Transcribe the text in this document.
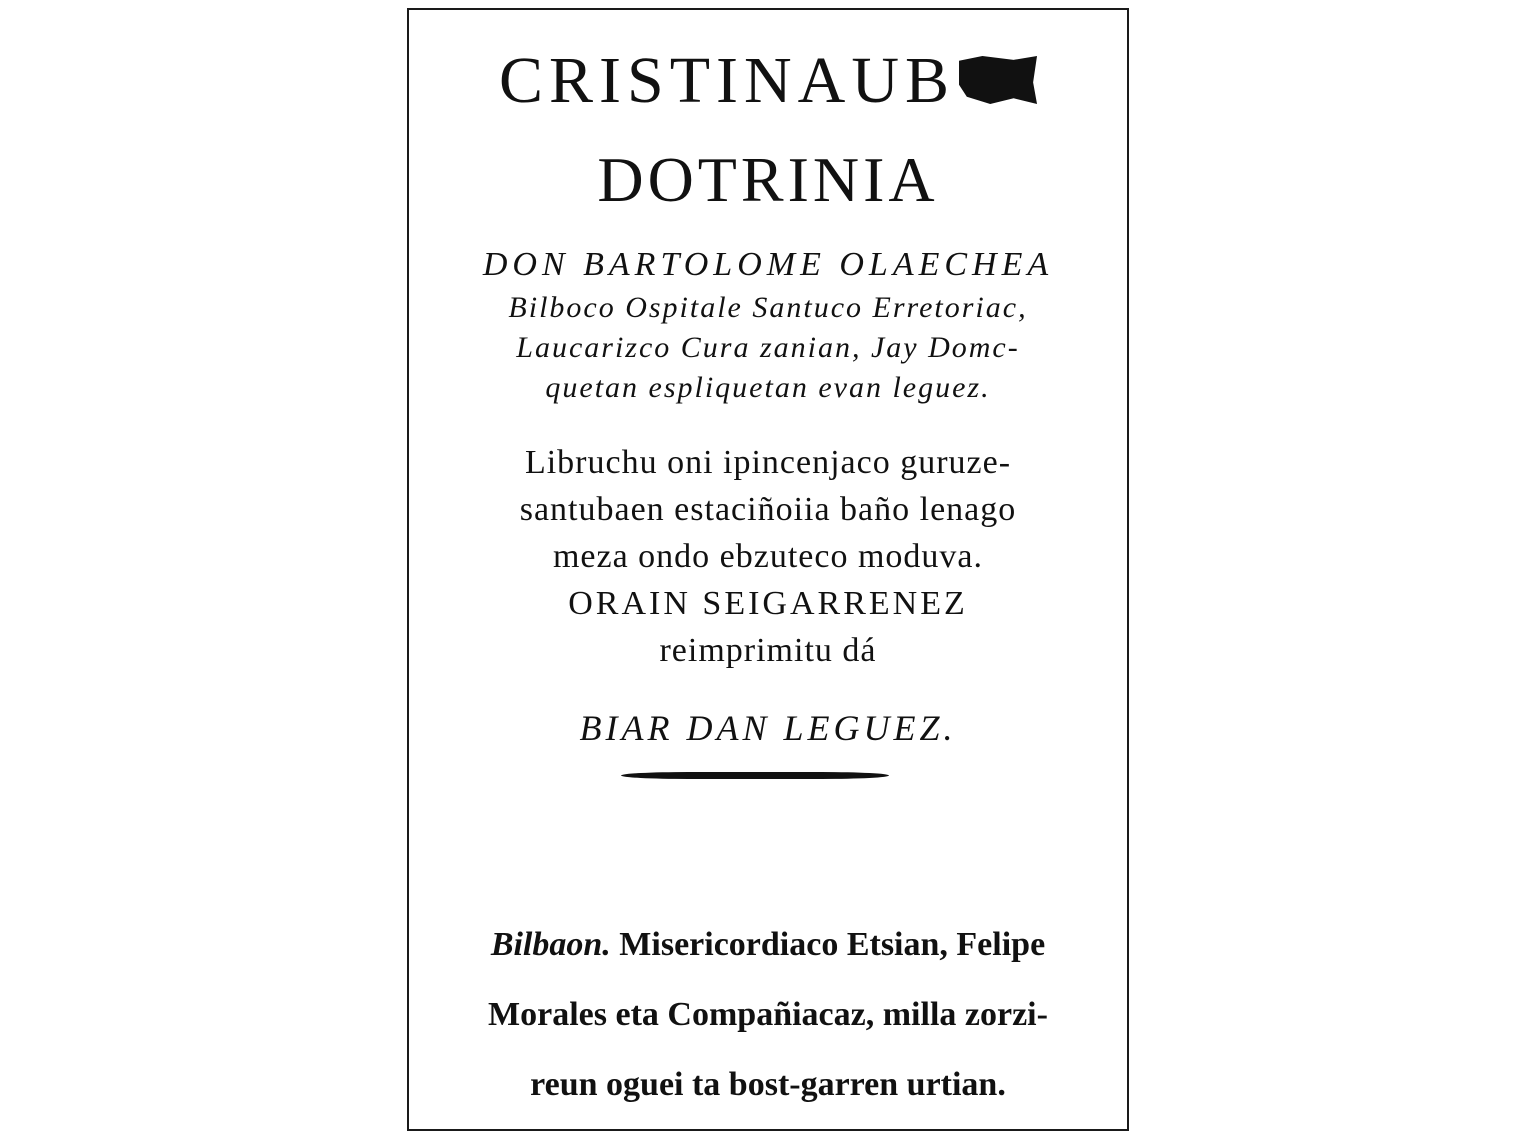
CRISTINAUB
DOTRINIA
DON BARTOLOME OLAECHEA
Bilboco Ospitale Santuco Erretoriac,
Laucarizco Cura zanian, Jay Domc-
quetan espliquetan evan leguez.
Libruchu oni ipincenjaco guruze-
santubaen estaciñoiia baño lenago
meza ondo ebzuteco moduva.
ORAIN SEIGARRENEZ
reimprimitu dá
BIAR DAN LEGUEZ.
Bilbaon. Misericordiaco Etsian, Felipe
Morales eta Compañiacaz, milla zorzi-
reun oguei ta bost-garren urtian.
